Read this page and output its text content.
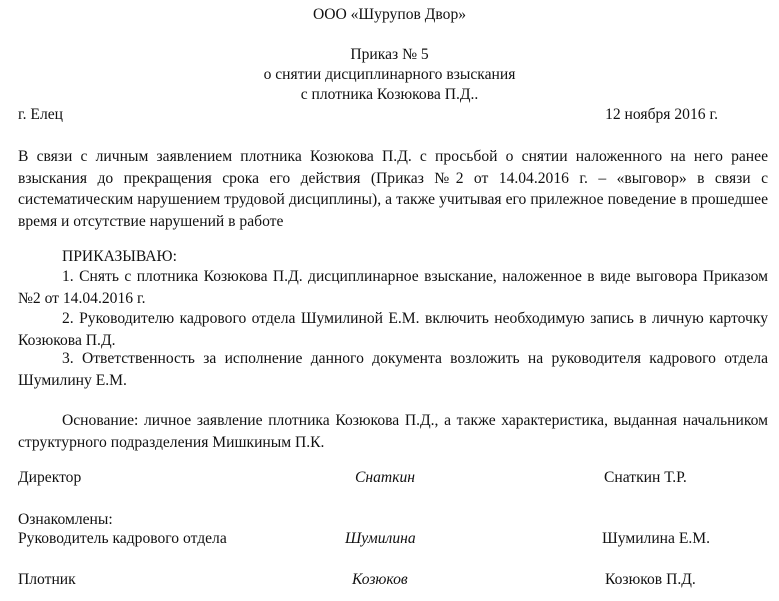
ООО «Шурупов Двор»
Приказ № 5
о снятии дисциплинарного взыскания
с плотника Козюкова П.Д..
г. Елец	12 ноября 2016 г.
В связи с личным заявлением плотника Козюкова П.Д. с просьбой о снятии наложенного на него ранее взыскания до прекращения срока его действия (Приказ №2 от 14.04.2016 г. – «выговор» в связи с систематическим нарушением трудовой дисциплины), а также учитывая его прилежное поведение в прошедшее время и отсутствие нарушений в работе
ПРИКАЗЫВАЮ:
1. Снять с плотника Козюкова П.Д. дисциплинарное взыскание, наложенное в виде выговора Приказом №2 от 14.04.2016 г.
2. Руководителю кадрового отдела Шумилиной Е.М. включить необходимую запись в личную карточку Козюкова П.Д.
3. Ответственность за исполнение данного документа возложить на руководителя кадрового отдела Шумилину Е.М.
Основание: личное заявление плотника Козюкова П.Д., а также характеристика, выданная начальником структурного подразделения Мишкиным П.К.
Директор	Снаткин	Снаткин Т.Р.
Ознакомлены:
Руководитель кадрового отдела	Шумилина	Шумилина Е.М.
Плотник	Козюков	Козюков П.Д.
